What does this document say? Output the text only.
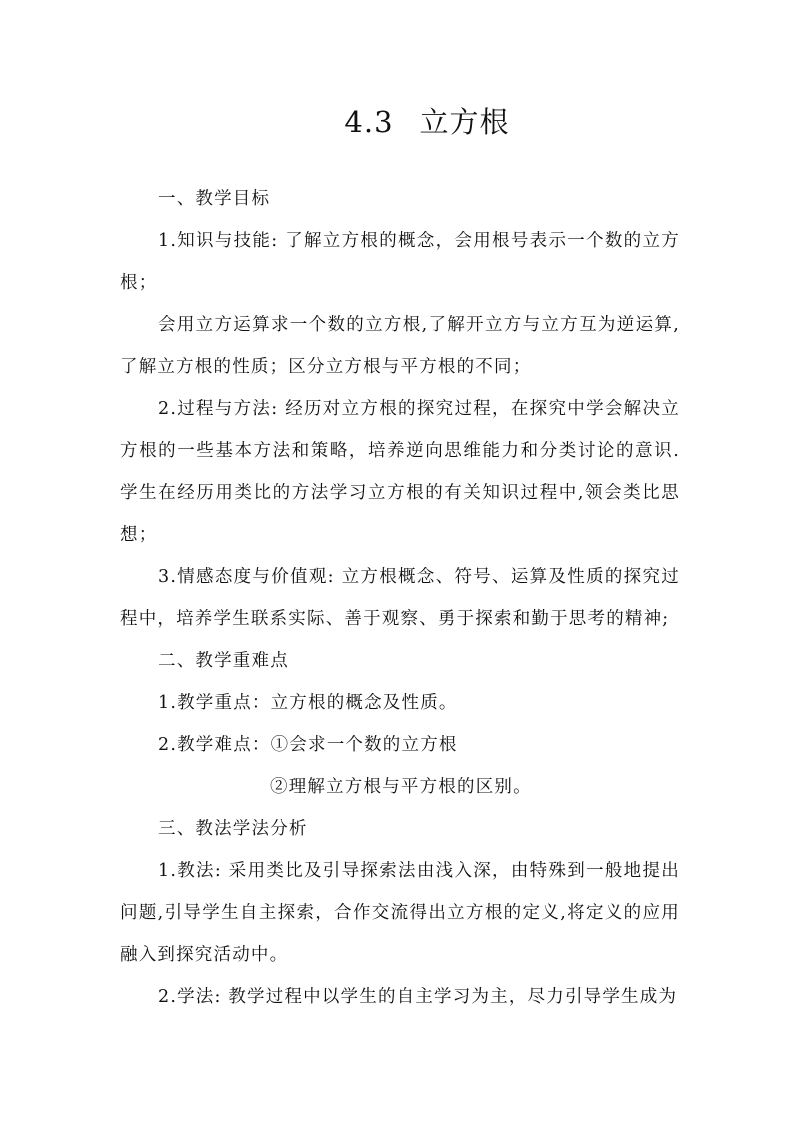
4.3 立方根

一、教学目标

1.知识与技能: 了解立方根的概念，会用根号表示一个数的立方根；

会用立方运算求一个数的立方根,了解开立方与立方互为逆运算,了解立方根的性质；区分立方根与平方根的不同；

2.过程与方法: 经历对立方根的探究过程，在探究中学会解决立方根的一些基本方法和策略，培养逆向思维能力和分类讨论的意识.学生在经历用类比的方法学习立方根的有关知识过程中,领会类比思想；

3.情感态度与价值观: 立方根概念、符号、运算及性质的探究过程中，培养学生联系实际、善于观察、勇于探索和勤于思考的精神;

二、教学重难点

1.教学重点：立方根的概念及性质。

2.教学难点：①会求一个数的立方根

②理解立方根与平方根的区别。

三、教法学法分析

1.教法: 采用类比及引导探索法由浅入深，由特殊到一般地提出问题,引导学生自主探索，合作交流得出立方根的定义,将定义的应用融入到探究活动中。

2.学法: 教学过程中以学生的自主学习为主，尽力引导学生成为
